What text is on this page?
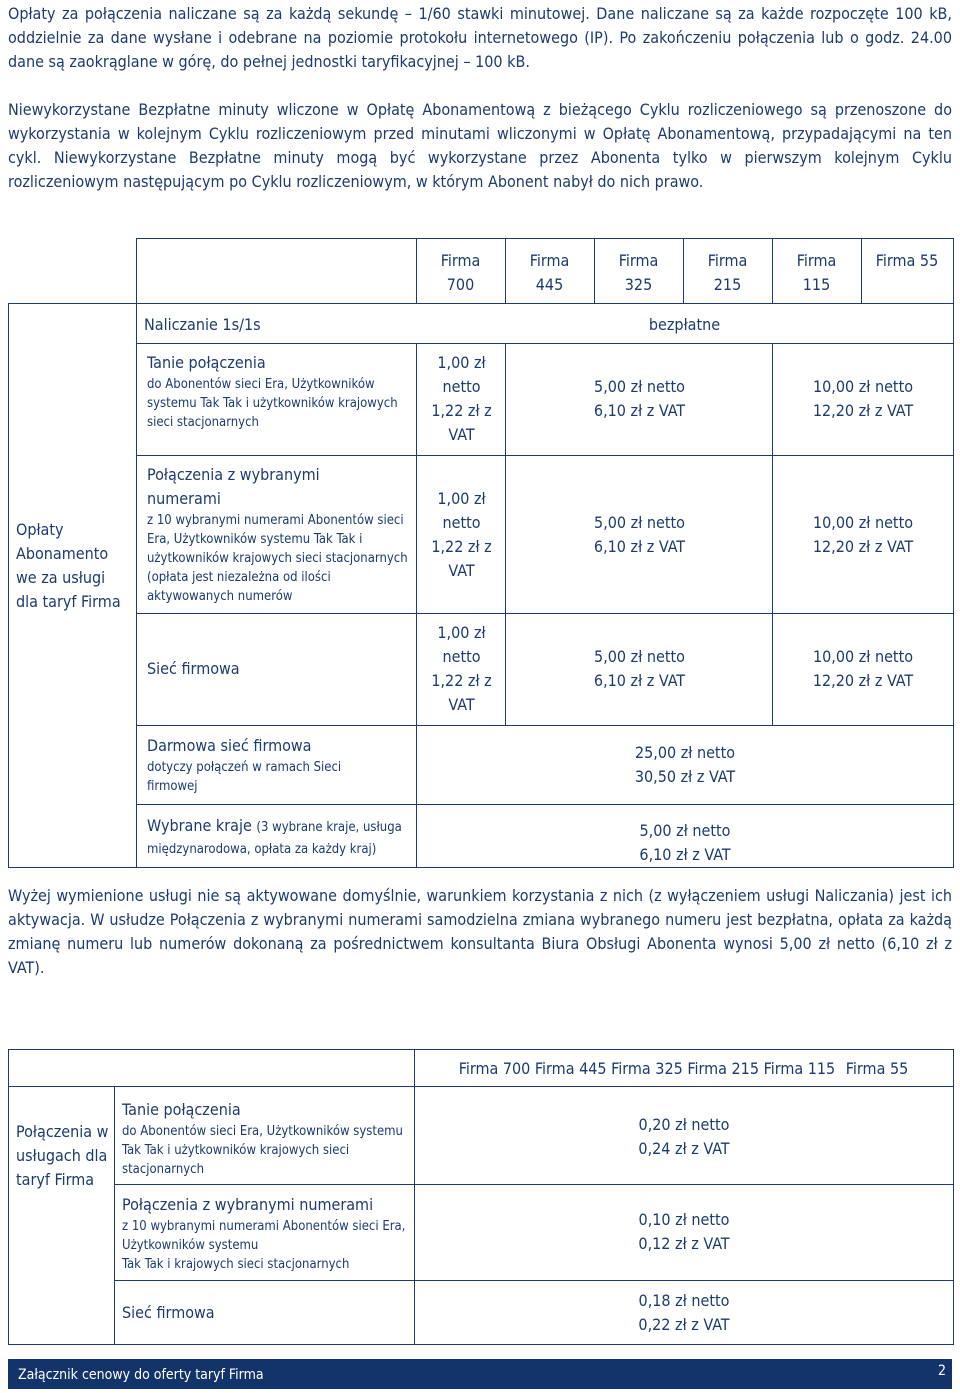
Opłaty za połączenia naliczane są za każdą sekundę – 1/60 stawki minutowej. Dane naliczane są za każde rozpoczęte 100 kB, oddzielnie za dane wysłane i odebrane na poziomie protokołu internetowego (IP). Po zakończeniu połączenia lub o godz. 24.00 dane są zaokrąglane w górę, do pełnej jednostki taryfikacyjnej – 100 kB.

Niewykorzystane Bezpłatne minuty wliczone w Opłatę Abonamentową z bieżącego Cyklu rozliczeniowego są przenoszone do wykorzystania w kolejnym Cyklu rozliczeniowym przed minutami wliczonymi w Opłatę Abonamentową, przypadającymi na ten cykl. Niewykorzystane Bezpłatne minuty mogą być wykorzystane przez Abonenta tylko w pierwszym kolejnym Cyklu rozliczeniowym następującym po Cyklu rozliczeniowym, w którym Abonent nabył do nich prawo.

Firma 700
Firma 445
Firma 325
Firma 215
Firma 115
Firma 55
Opłaty Abonamento we za usługi dla taryf Firma
Naliczanie 1s/1s	bezpłatne
Tanie połączenia
do Abonentów sieci Era, Użytkowników systemu Tak Tak i użytkowników krajowych sieci stacjonarnych
1,00 zł netto 1,22 zł z VAT
5,00 zł netto
6,10 zł z VAT
10,00 zł netto
12,20 zł z VAT
Połączenia z wybranymi numerami
z 10 wybranymi numerami Abonentów sieci Era, Użytkowników systemu Tak Tak i użytkowników krajowych sieci stacjonarnych (opłata jest niezależna od ilości aktywowanych numerów
1,00 zł netto 1,22 zł z VAT
5,00 zł netto
6,10 zł z VAT
10,00 zł netto
12,20 zł z VAT
Sieć firmowa
1,00 zł netto 1,22 zł z VAT
5,00 zł netto
6,10 zł z VAT
10,00 zł netto
12,20 zł z VAT
Darmowa sieć firmowa
dotyczy połączeń w ramach Sieci firmowej
25,00 zł netto
30,50 zł z VAT
Wybrane kraje (3 wybrane kraje, usługa międzynarodowa, opłata za każdy kraj)
5,00 zł netto
6,10 zł z VAT

Wyżej wymienione usługi nie są aktywowane domyślnie, warunkiem korzystania z nich (z wyłączeniem usługi Naliczania) jest ich aktywacja. W usłudze Połączenia z wybranymi numerami samodzielna zmiana wybranego numeru jest bezpłatna, opłata za każdą zmianę numeru lub numerów dokonaną za pośrednictwem konsultanta Biura Obsługi Abonenta wynosi 5,00 zł netto (6,10 zł z VAT).

Firma 700 Firma 445 Firma 325 Firma 215 Firma 115 Firma 55
Połączenia w usługach dla taryf Firma
Tanie połączenia
do Abonentów sieci Era, Użytkowników systemu Tak Tak i użytkowników krajowych sieci stacjonarnych
0,20 zł netto
0,24 zł z VAT
Połączenia z wybranymi numerami
z 10 wybranymi numerami Abonentów sieci Era, Użytkowników systemu
Tak Tak i krajowych sieci stacjonarnych
0,10 zł netto
0,12 zł z VAT
Sieć firmowa
0,18 zł netto
0,22 zł z VAT
Załącznik cenowy do oferty taryf Firma	2
